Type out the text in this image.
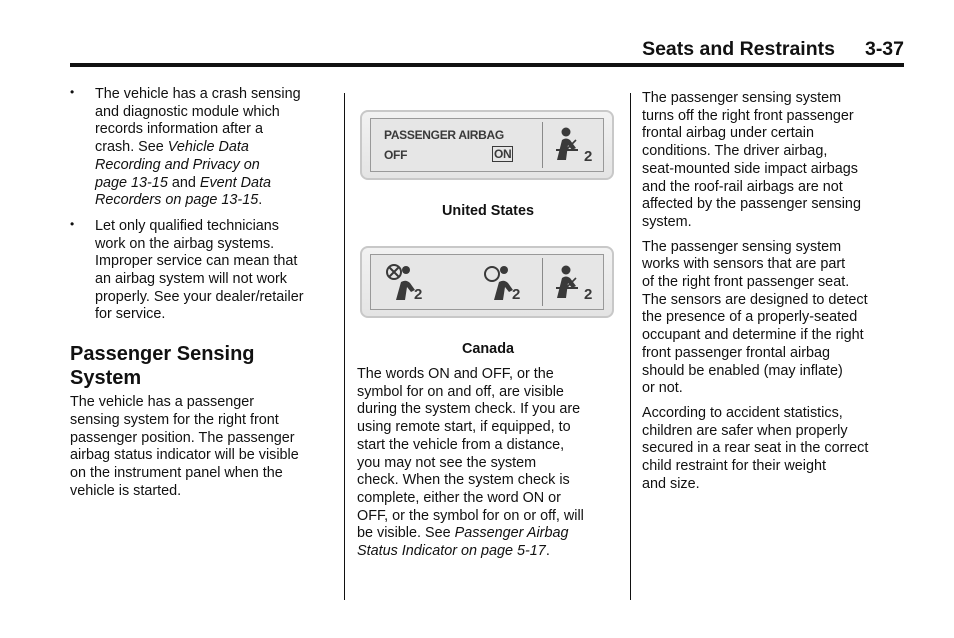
Seats and Restraints 3-37
• The vehicle has a crash sensing
and diagnostic module which
records information after a
crash. See Vehicle Data
Recording and Privacy on
page 13-15 and Event Data
Recorders on page 13-15.
• Let only qualified technicians
work on the airbag systems.
Improper service can mean that
an airbag system will not work
properly. See your dealer/retailer
for service.
Passenger Sensing
System
The vehicle has a passenger
sensing system for the right front
passenger position. The passenger
airbag status indicator will be visible
on the instrument panel when the
vehicle is started.
PASSENGER AIRBAG
OFF	ON	2
United States
2	2	2
Canada
The words ON and OFF, or the
symbol for on and off, are visible
during the system check. If you are
using remote start, if equipped, to
start the vehicle from a distance,
you may not see the system
check. When the system check is
complete, either the word ON or
OFF, or the symbol for on or off, will
be visible. See Passenger Airbag
Status Indicator on page 5-17.
The passenger sensing system
turns off the right front passenger
frontal airbag under certain
conditions. The driver airbag,
seat-mounted side impact airbags
and the roof-rail airbags are not
affected by the passenger sensing
system.
The passenger sensing system
works with sensors that are part
of the right front passenger seat.
The sensors are designed to detect
the presence of a properly-seated
occupant and determine if the right
front passenger frontal airbag
should be enabled (may inflate)
or not.
According to accident statistics,
children are safer when properly
secured in a rear seat in the correct
child restraint for their weight
and size.
